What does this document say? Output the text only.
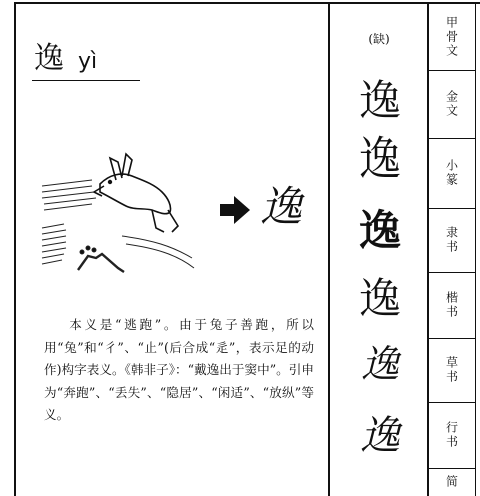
逸 yì
逸
本义是“逃跑”。由于兔子善跑，所以用“兔”和“彳”、“止”(后合成“辵”，表示足的动作)构字表义。《韩非子》：“戴逸出于窦中”。引申为“奔跑”、“丢失”、“隐居”、“闲适”、“放纵”等义。
(缺)
逸
逸
逸
逸
逸
逸
甲骨文
金文
小篆
隶书
楷书
草书
行书
简
